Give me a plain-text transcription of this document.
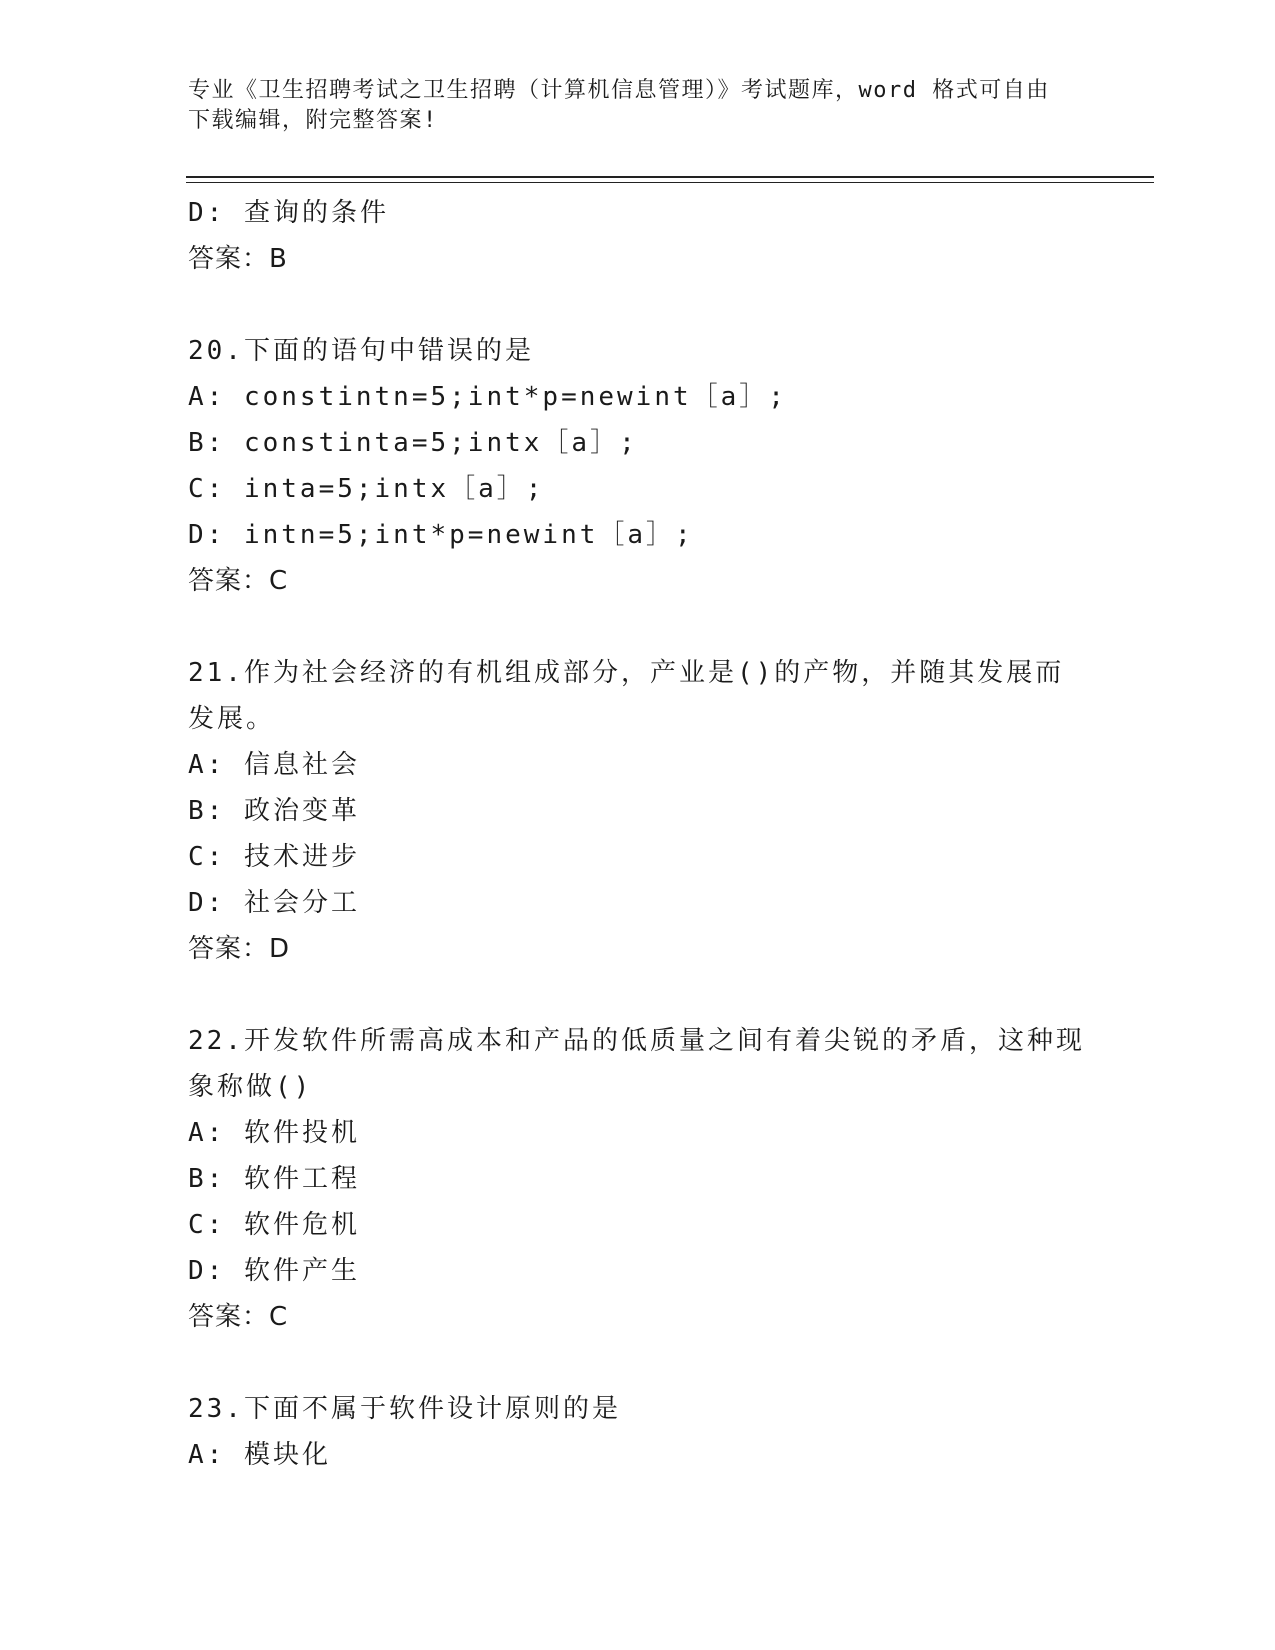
专业《卫生招聘考试之卫生招聘（计算机信息管理）》考试题库，word 格式可自由下载编辑，附完整答案!
D: 查询的条件
答案：B
20.下面的语句中错误的是
A: constintn=5;int*p=newint［a］;
B: constinta=5;intx［a］;
C: inta=5;intx［a］;
D: intn=5;int*p=newint［a］;
答案：C
21.作为社会经济的有机组成部分，产业是()的产物，并随其发展而发展。
A: 信息社会
B: 政治变革
C: 技术进步
D: 社会分工
答案：D
22.开发软件所需高成本和产品的低质量之间有着尖锐的矛盾，这种现象称做()
A: 软件投机
B: 软件工程
C: 软件危机
D: 软件产生
答案：C
23.下面不属于软件设计原则的是
A: 模块化
